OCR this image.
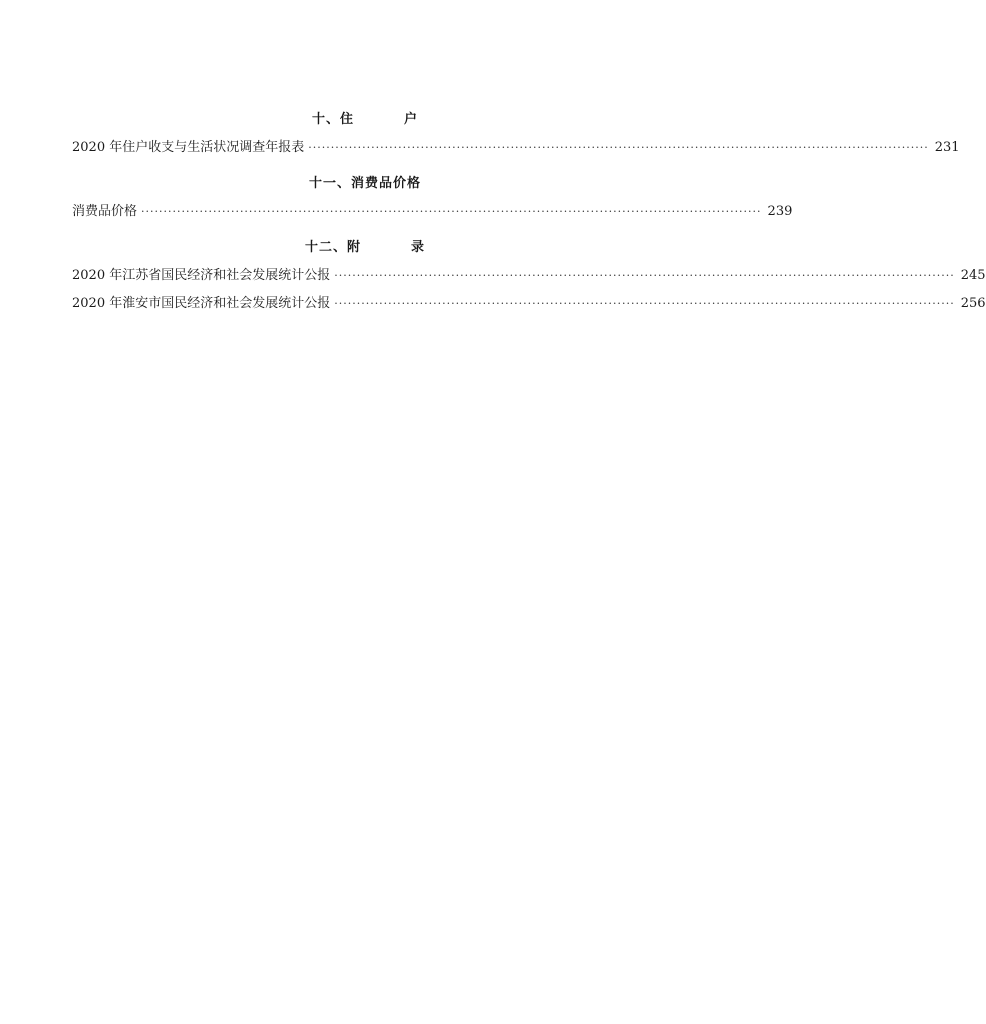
十、住	户
2020 年住户收支与生活状况调查年报表 ·········································································································································· 231
十一、消费品价格
消费品价格 ·········································································································································· 239
十二、附	录
2020 年江苏省国民经济和社会发展统计公报 ·········································································································································· 245
2020 年淮安市国民经济和社会发展统计公报 ·········································································································································· 256
